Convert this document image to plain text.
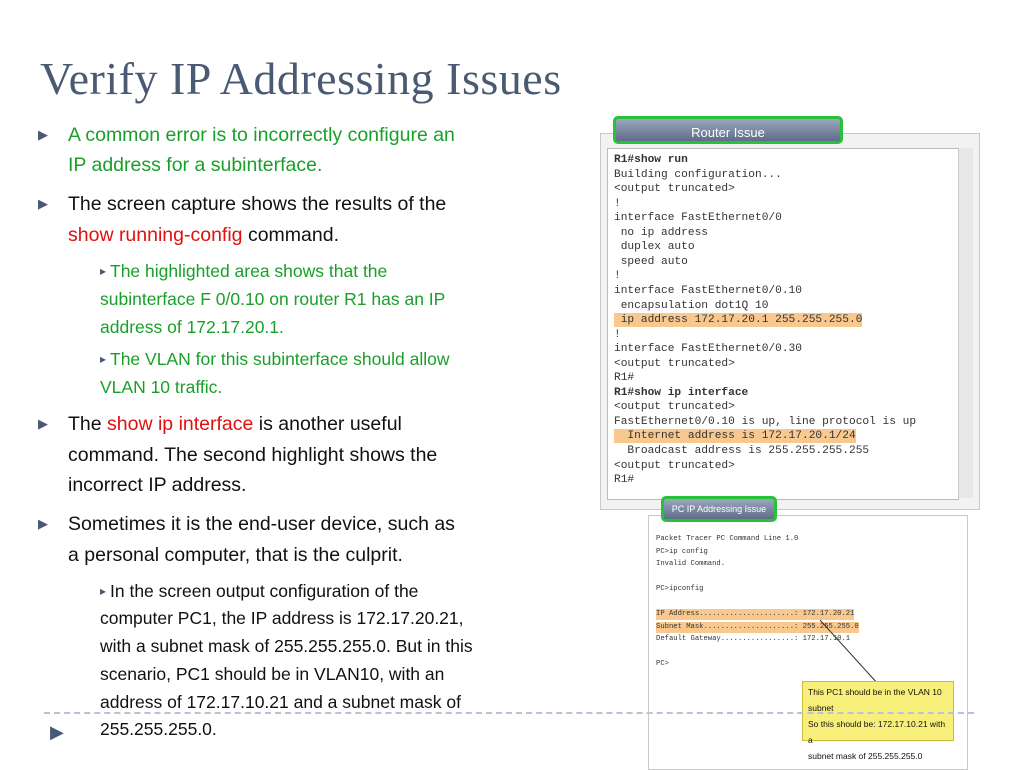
Verify IP Addressing Issues
▶ A common error is to incorrectly configure an
IP address for a subinterface.
▶ The screen capture shows the results of the
show running-config command.
▸ The highlighted area shows that the
subinterface F 0/0.10 on router R1 has an IP
address of 172.17.20.1.
▸ The VLAN for this subinterface should allow
VLAN 10 traffic.
▶ The show ip interface is another useful
command. The second highlight shows the
incorrect IP address.
▶ Sometimes it is the end-user device, such as
a personal computer, that is the culprit.
▸ In the screen output configuration of the
computer PC1, the IP address is 172.17.20.21,
with a subnet mask of 255.255.255.0. But in this
scenario, PC1 should be in VLAN10, with an
address of 172.17.10.21 and a subnet mask of
255.255.255.0.
R1#show run
Building configuration...
<output truncated>
!
interface FastEthernet0/0
no ip address
duplex auto
speed auto
!
interface FastEthernet0/0.10
encapsulation dot1Q 10
ip address 172.17.20.1 255.255.255.0
!
interface FastEthernet0/0.30
<output truncated>
R1#
R1#show ip interface
<output truncated>
FastEthernet0/0.10 is up, line protocol is up
Internet address is 172.17.20.1/24
Broadcast address is 255.255.255.255
<output truncated>
R1#
Router Issue
Packet Tracer PC Command Line 1.0
PC>ip config
Invalid Command.
PC>ipconfig
IP Address......................: 172.17.20.21
Subnet Mask.....................: 255.255.255.0
Default Gateway.................: 172.17.10.1
PC>
PC IP Addressing Issue
This PC1 should be in the VLAN 10 subnet
So this should be: 172.17.10.21 with a
subnet mask of 255.255.255.0
▶
